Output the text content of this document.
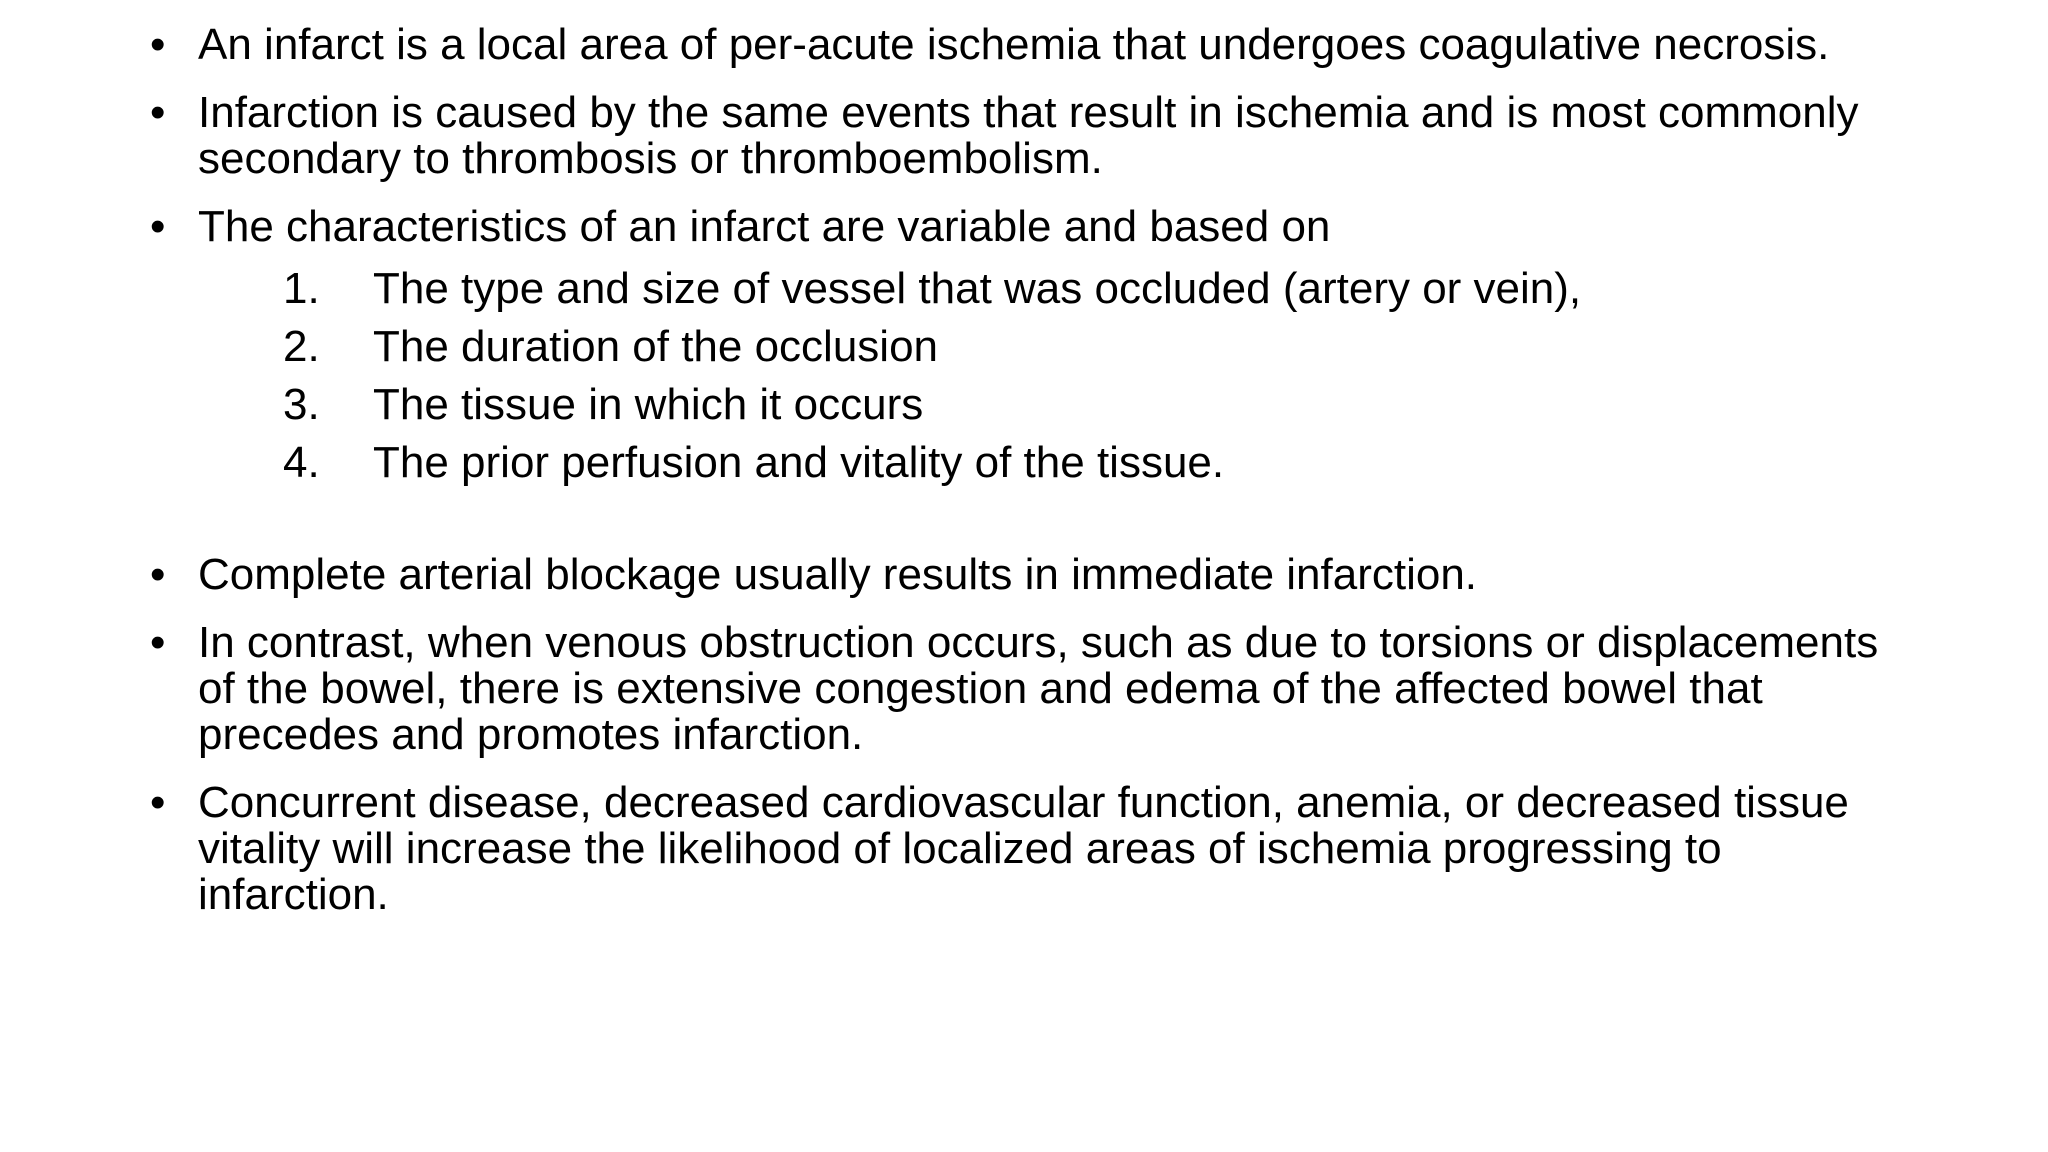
• An infarct is a local area of per-acute ischemia that undergoes coagulative necrosis.
• Infarction is caused by the same events that result in ischemia and is most commonly secondary to thrombosis or thromboembolism.
• The characteristics of an infarct are variable and based on
1.	The type and size of vessel that was occluded (artery or vein),
2.	The duration of the occlusion
3.	The tissue in which it occurs
4.	The prior perfusion and vitality of the tissue.
• Complete arterial blockage usually results in immediate infarction.
• In contrast, when venous obstruction occurs, such as due to torsions or displacements of the bowel, there is extensive congestion and edema of the affected bowel that precedes and promotes infarction.
• Concurrent disease, decreased cardiovascular function, anemia, or decreased tissue vitality will increase the likelihood of localized areas of ischemia progressing to infarction.
